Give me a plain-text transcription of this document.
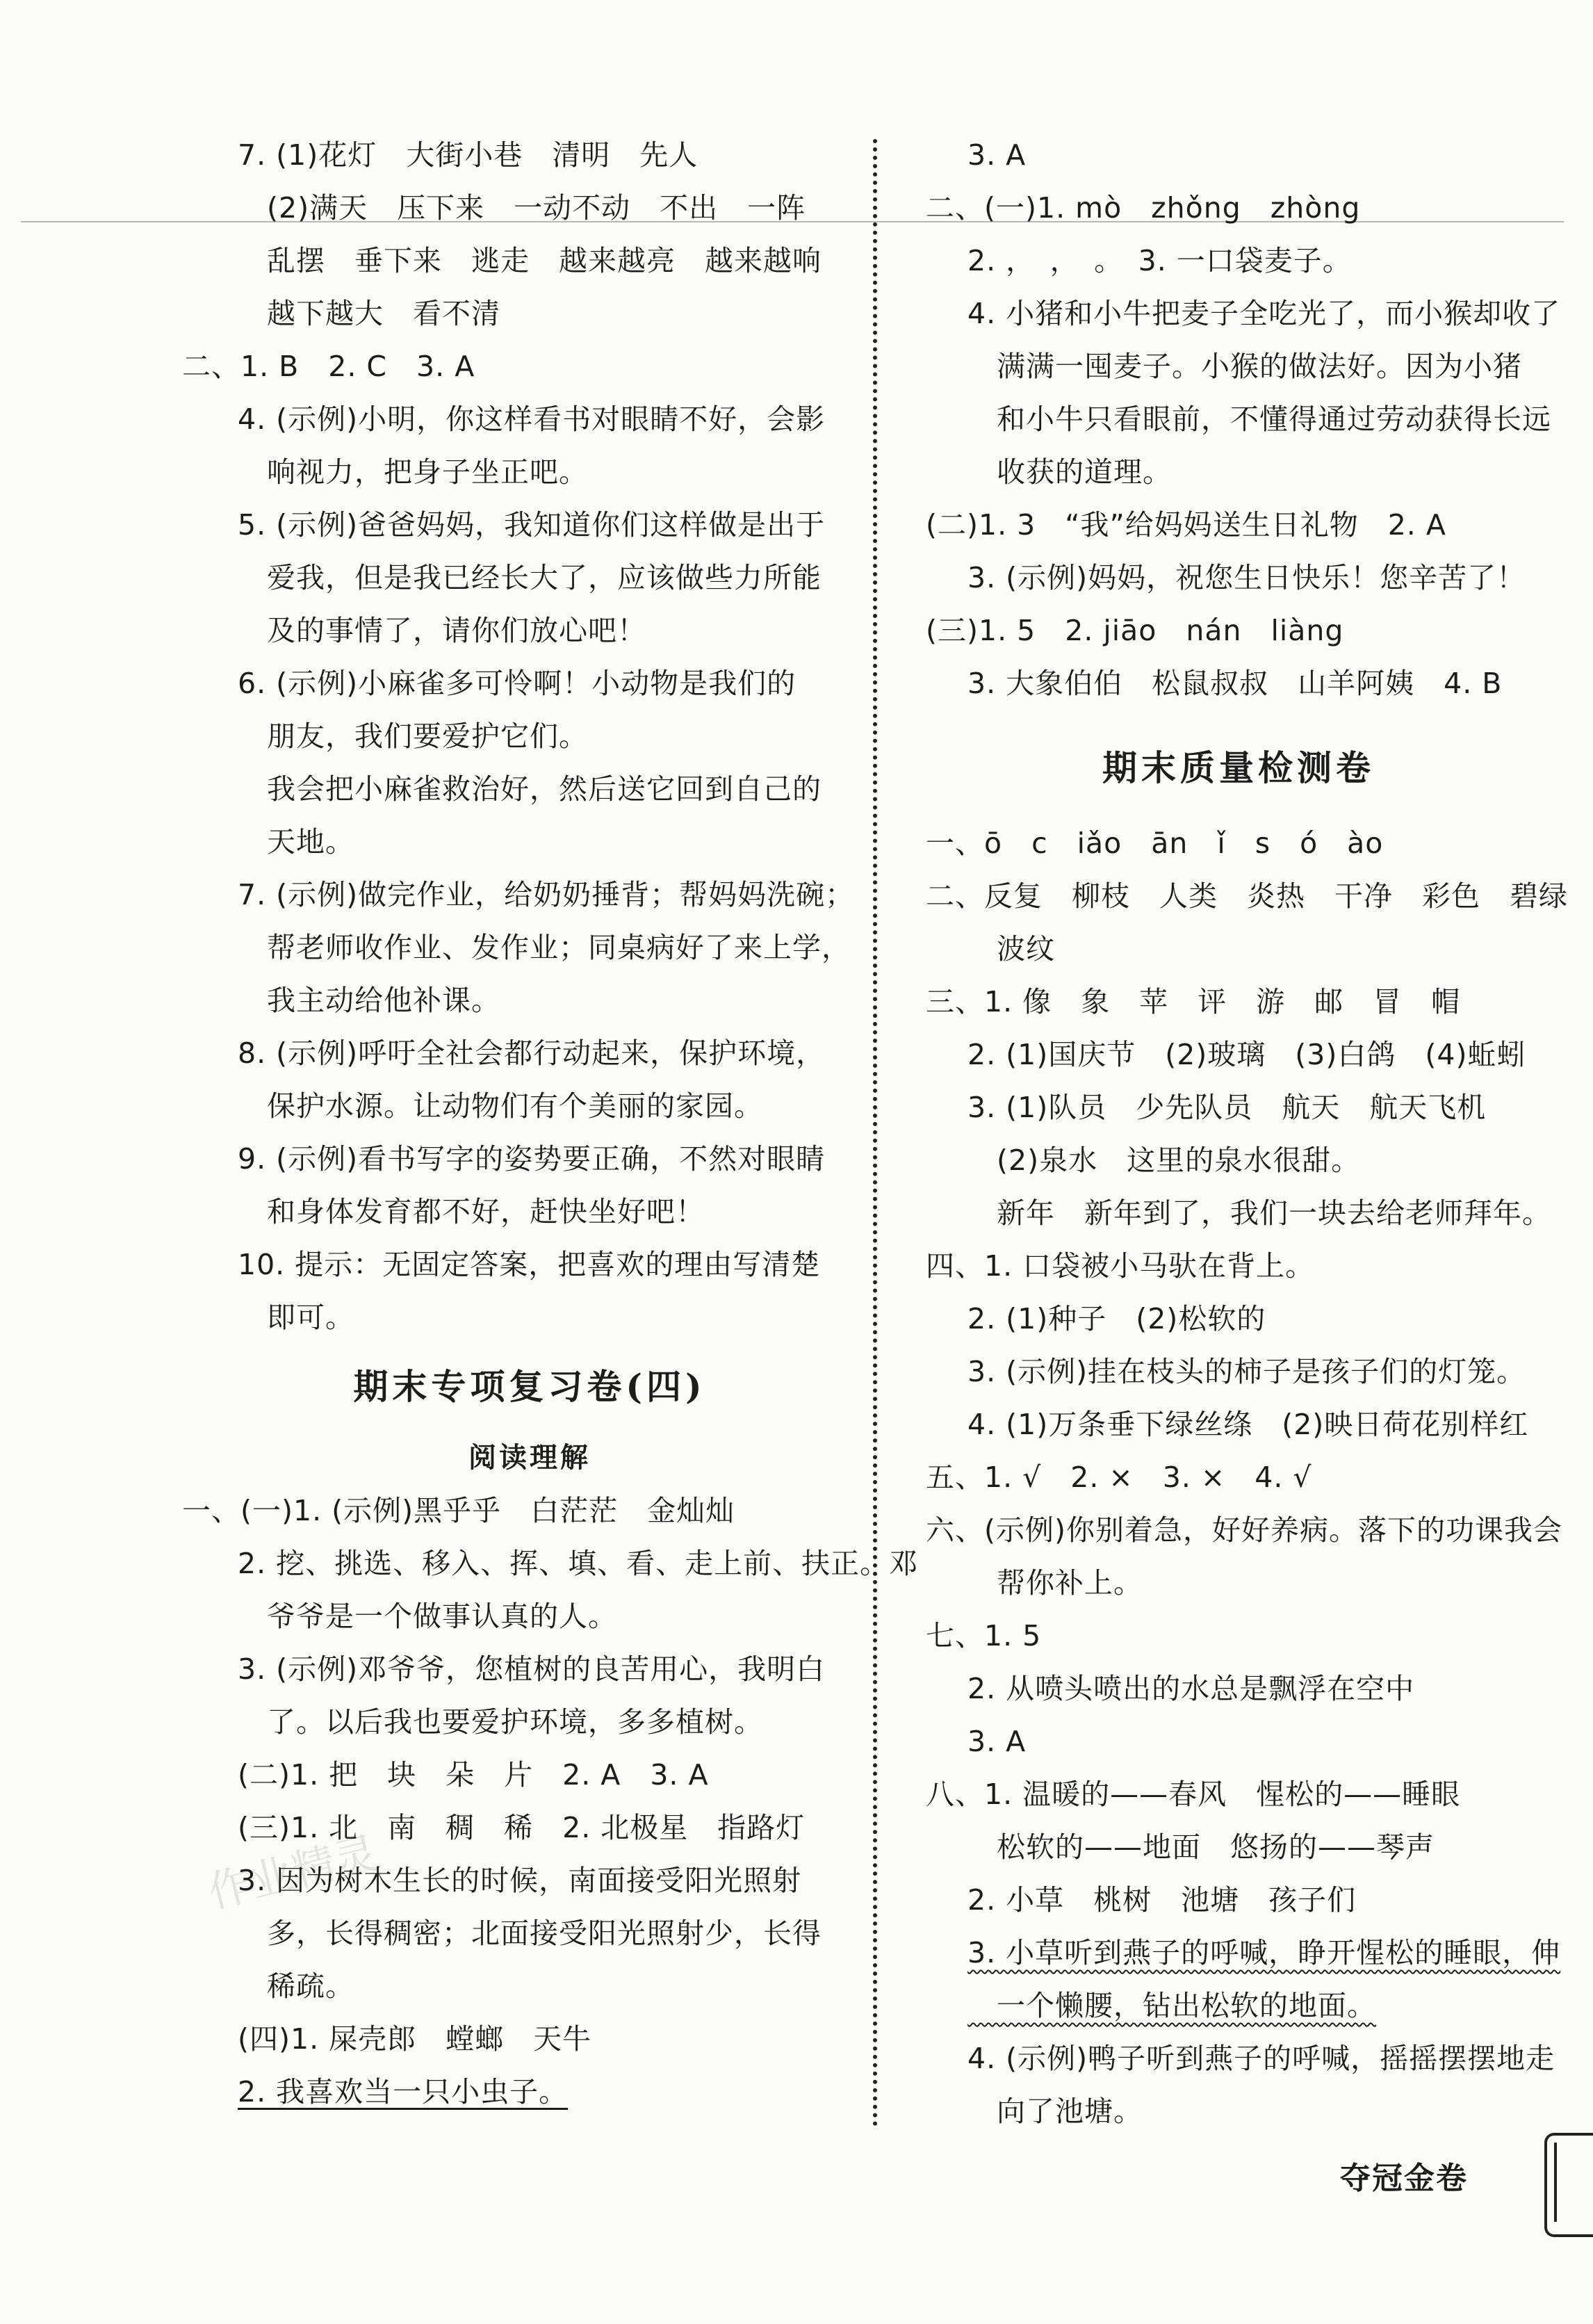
作业精灵
7. (1)花灯　大街小巷　清明　先人
　(2)满天　压下来　一动不动　不出　一阵
　乱摆　垂下来　逃走　越来越亮　越来越响
　越下越大　看不清
二、1. B　2. C　3. A
4. (示例)小明，你这样看书对眼睛不好，会影
　响视力，把身子坐正吧。
5. (示例)爸爸妈妈，我知道你们这样做是出于
　爱我，但是我已经长大了，应该做些力所能
　及的事情了，请你们放心吧！
6. (示例)小麻雀多可怜啊！小动物是我们的
　朋友，我们要爱护它们。
　我会把小麻雀救治好，然后送它回到自己的
　天地。
7. (示例)做完作业，给奶奶捶背；帮妈妈洗碗；
　帮老师收作业、发作业；同桌病好了来上学，
　我主动给他补课。
8. (示例)呼吁全社会都行动起来，保护环境，
　保护水源。让动物们有个美丽的家园。
9. (示例)看书写字的姿势要正确，不然对眼睛
　和身体发育都不好，赶快坐好吧！
10. 提示：无固定答案，把喜欢的理由写清楚
　即可。
期末专项复习卷(四)
阅读理解
一、(一)1. (示例)黑乎乎　白茫茫　金灿灿
2. 挖、挑选、移入、挥、填、看、走上前、扶正。邓
　爷爷是一个做事认真的人。
3. (示例)邓爷爷，您植树的良苦用心，我明白
　了。以后我也要爱护环境，多多植树。
(二)1. 把　块　朵　片　2. A　3. A
(三)1. 北　南　稠　稀　2. 北极星　指路灯
3. 因为树木生长的时候，南面接受阳光照射
　多，长得稠密；北面接受阳光照射少，长得
　稀疏。
(四)1. 屎壳郎　螳螂　天牛
2. 我喜欢当一只小虫子。
3. A
二、(一)1. mò　zhǒng　zhòng
2. ，　，　。　3. 一口袋麦子。
4. 小猪和小牛把麦子全吃光了，而小猴却收了
　满满一囤麦子。小猴的做法好。因为小猪
　和小牛只看眼前，不懂得通过劳动获得长远
　收获的道理。
(二)1. 3　“我”给妈妈送生日礼物　2. A
3. (示例)妈妈，祝您生日快乐！您辛苦了！
(三)1. 5　2. jiāo　nán　liàng
3. 大象伯伯　松鼠叔叔　山羊阿姨　4. B
期末质量检测卷
一、ō　c　iǎo　ān　ǐ　s　ó　ào
二、反复　柳枝　人类　炎热　干净　彩色　碧绿
　波纹
三、1. 像　象　苹　评　游　邮　冒　帽
2. (1)国庆节　(2)玻璃　(3)白鸽　(4)蚯蚓
3. (1)队员　少先队员　航天　航天飞机
　(2)泉水　这里的泉水很甜。
　新年　新年到了，我们一块去给老师拜年。
四、1. 口袋被小马驮在背上。
2. (1)种子　(2)松软的
3. (示例)挂在枝头的柿子是孩子们的灯笼。
4. (1)万条垂下绿丝绦　(2)映日荷花别样红
五、1. √　2. ×　3. ×　4. √
六、(示例)你别着急，好好养病。落下的功课我会
　帮你补上。
七、1. 5
2. 从喷头喷出的水总是飘浮在空中
3. A
八、1. 温暖的——春风　惺松的——睡眼
　松软的——地面　悠扬的——琴声
2. 小草　桃树　池塘　孩子们
3. 小草听到燕子的呼喊，睁开惺松的睡眼，伸
　一个懒腰，钻出松软的地面。
4. (示例)鸭子听到燕子的呼喊，摇摇摆摆地走
　向了池塘。
夺冠金卷
